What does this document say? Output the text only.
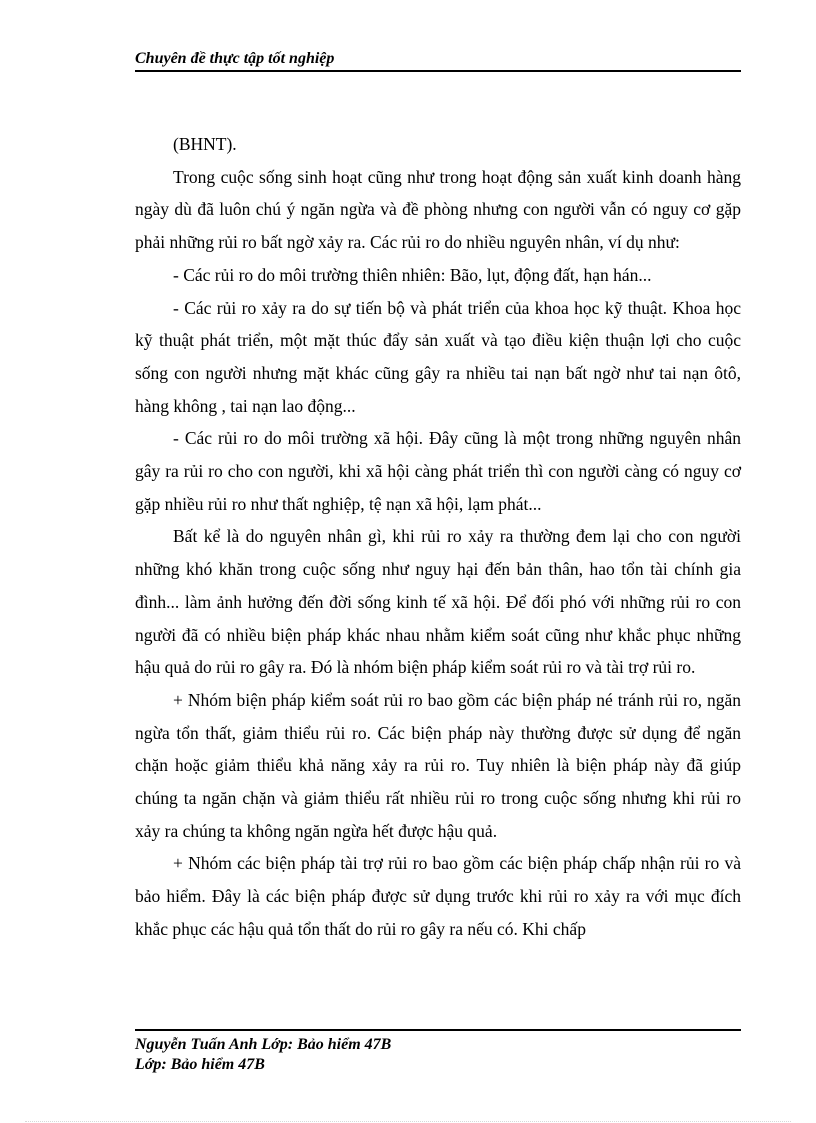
Chuyên đề thực tập tốt nghiệp

(BHNT).

Trong cuộc sống sinh hoạt cũng như trong hoạt động sản xuất kinh doanh hàng ngày dù đã luôn chú ý ngăn ngừa và đề phòng nhưng con người vẫn có nguy cơ gặp phải những rủi ro bất ngờ xảy ra. Các rủi ro do nhiều nguyên nhân, ví dụ như:

- Các rủi ro do môi trường thiên nhiên: Bão, lụt, động đất, hạn hán...

- Các rủi ro xảy ra do sự tiến bộ và phát triển của khoa học kỹ thuật. Khoa học kỹ thuật phát triển, một mặt thúc đẩy sản xuất và tạo điều kiện thuận lợi cho cuộc sống con người nhưng mặt khác cũng gây ra nhiều tai nạn bất ngờ như tai nạn ôtô, hàng không , tai nạn lao động...

- Các rủi ro do môi trường xã hội. Đây cũng là một trong những nguyên nhân gây ra rủi ro cho con người, khi xã hội càng phát triển thì con người càng có nguy cơ gặp nhiều rủi ro như thất nghiệp, tệ nạn xã hội, lạm phát...

Bất kể là do nguyên nhân gì, khi rủi ro xảy ra thường đem lại cho con người những khó khăn trong cuộc sống như nguy hại đến bản thân, hao tổn tài chính gia đình... làm ảnh hưởng đến đời sống kinh tế xã hội. Để đối phó với những rủi ro con người đã có nhiều biện pháp khác nhau nhằm kiểm soát cũng như khắc phục những hậu quả do rủi ro gây ra. Đó là nhóm biện pháp kiểm soát rủi ro và tài trợ rủi ro.

+ Nhóm biện pháp kiểm soát rủi ro bao gồm các biện pháp né tránh rủi ro, ngăn ngừa tổn thất, giảm thiểu rủi ro. Các biện pháp này thường được sử dụng để ngăn chặn hoặc giảm thiểu khả năng xảy ra rủi ro. Tuy nhiên là biện pháp này đã giúp chúng ta ngăn chặn và giảm thiểu rất nhiều rủi ro trong cuộc sống nhưng khi rủi ro xảy ra chúng ta không ngăn ngừa hết được hậu quả.

+ Nhóm các biện pháp tài trợ rủi ro bao gồm các biện pháp chấp nhận rủi ro và bảo hiểm. Đây là các biện pháp được sử dụng trước khi rủi ro xảy ra với mục đích khắc phục các hậu quả tổn thất do rủi ro gây ra nếu có. Khi chấp

Nguyễn Tuấn Anh Lớp: Bảo hiểm 47B
Lớp: Bảo hiểm 47B
